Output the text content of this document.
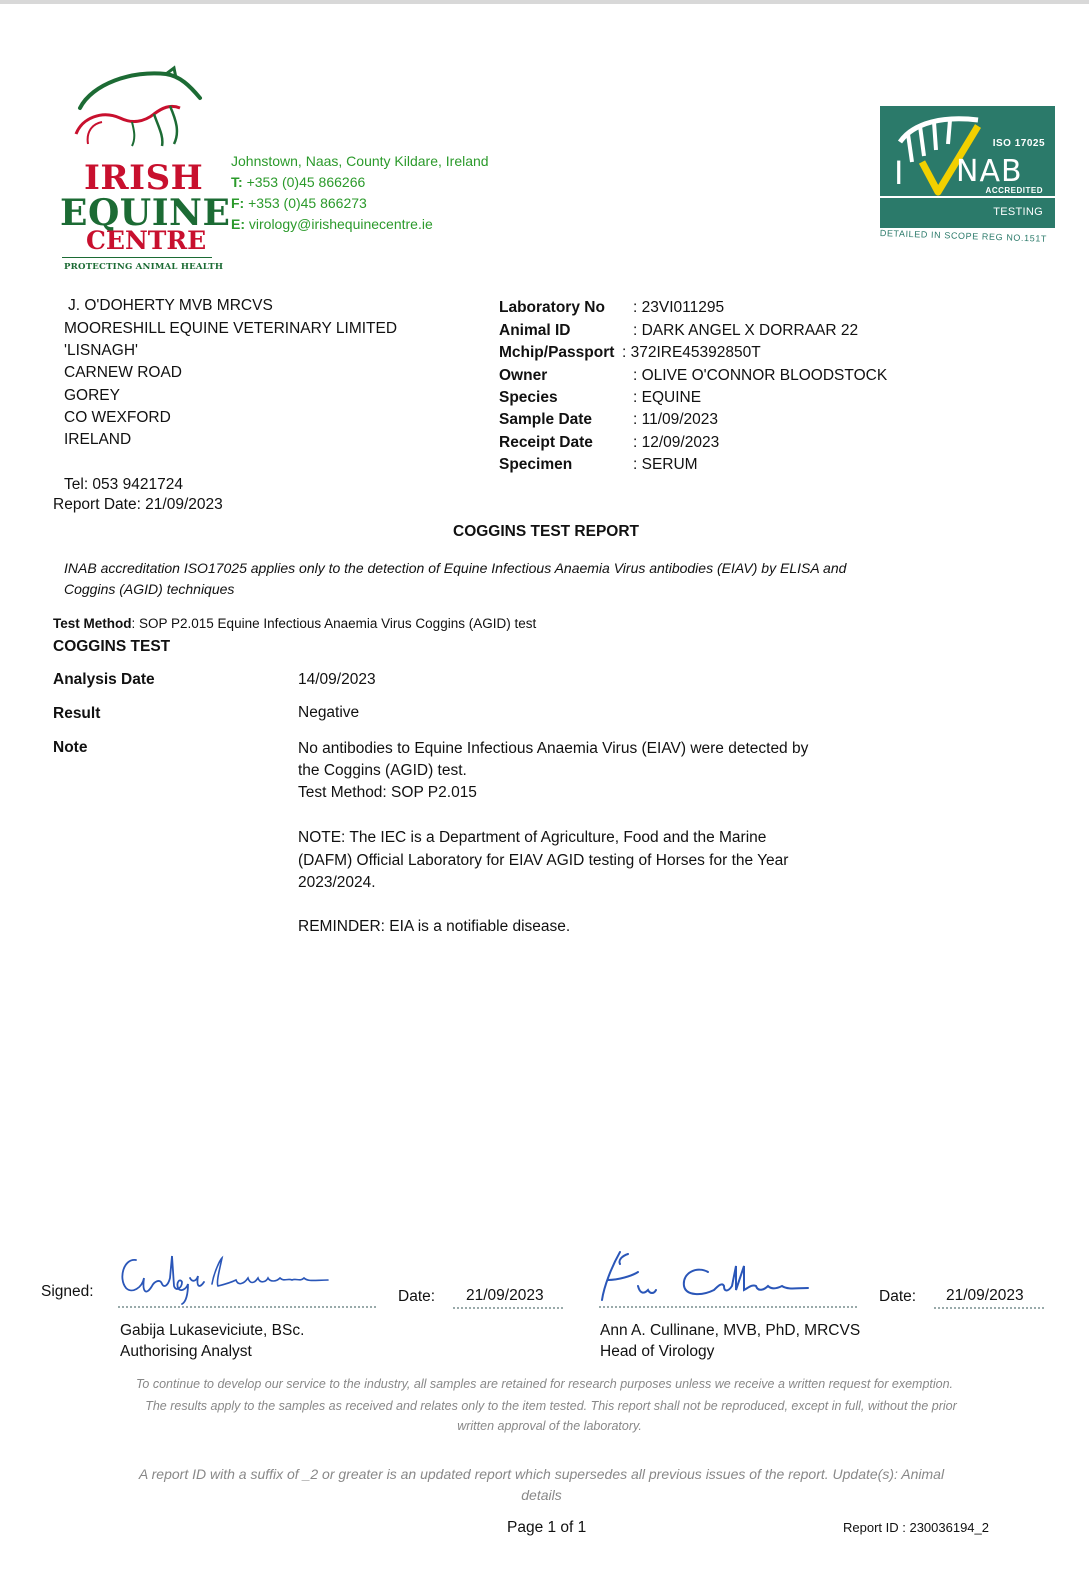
IRISH
EQUINE
CENTRE
PROTECTING ANIMAL HEALTH
Johnstown, Naas, County Kildare, Ireland
T: +353 (0)45 866266
F: +353 (0)45 866273
E: virology@irishequinecentre.ie
ISO 17025
I NAB
ACCREDITED
TESTING
DETAILED IN SCOPE REG NO.151T
J. O'DOHERTY MVB MRCVS
MOORESHILL EQUINE VETERINARY LIMITED
'LISNAGH'
CARNEW ROAD
GOREY
CO WEXFORD
IRELAND
Tel: 053 9421724
Report Date: 21/09/2023
Laboratory No : 23VI011295
Animal ID	: DARK ANGEL X DORRAAR 22
Mchip/Passport : 372IRE45392850T
Owner	: OLIVE O'CONNOR BLOODSTOCK
Species	: EQUINE
Sample Date	: 11/09/2023
Receipt Date	: 12/09/2023
Specimen	: SERUM
COGGINS TEST REPORT
INAB accreditation ISO17025 applies only to the detection of Equine Infectious Anaemia Virus antibodies (EIAV) by ELISA and
Coggins (AGID) techniques
Test Method: SOP P2.015 Equine Infectious Anaemia Virus Coggins (AGID) test
COGGINS TEST
Analysis Date	14/09/2023
Result	Negative
Note	No antibodies to Equine Infectious Anaemia Virus (EIAV) were detected by
the Coggins (AGID) test.
Test Method: SOP P2.015
NOTE: The IEC is a Department of Agriculture, Food and the Marine
(DAFM) Official Laboratory for EIAV AGID testing of Horses for the Year
2023/2024.
REMINDER: EIA is a notifiable disease.
Signed:	Date: 21/09/2023	Date: 21/09/2023
Gabija Lukaseviciute, BSc.
Authorising Analyst
Ann A. Cullinane, MVB, PhD, MRCVS
Head of Virology
To continue to develop our service to the industry, all samples are retained for research purposes unless we receive a written request for exemption.
The results apply to the samples as received and relates only to the item tested. This report shall not be reproduced, except in full, without the prior
written approval of the laboratory.
A report ID with a suffix of _2 or greater is an updated report which supersedes all previous issues of the report. Update(s): Animal
details
Page 1 of 1	Report ID : 230036194_2
